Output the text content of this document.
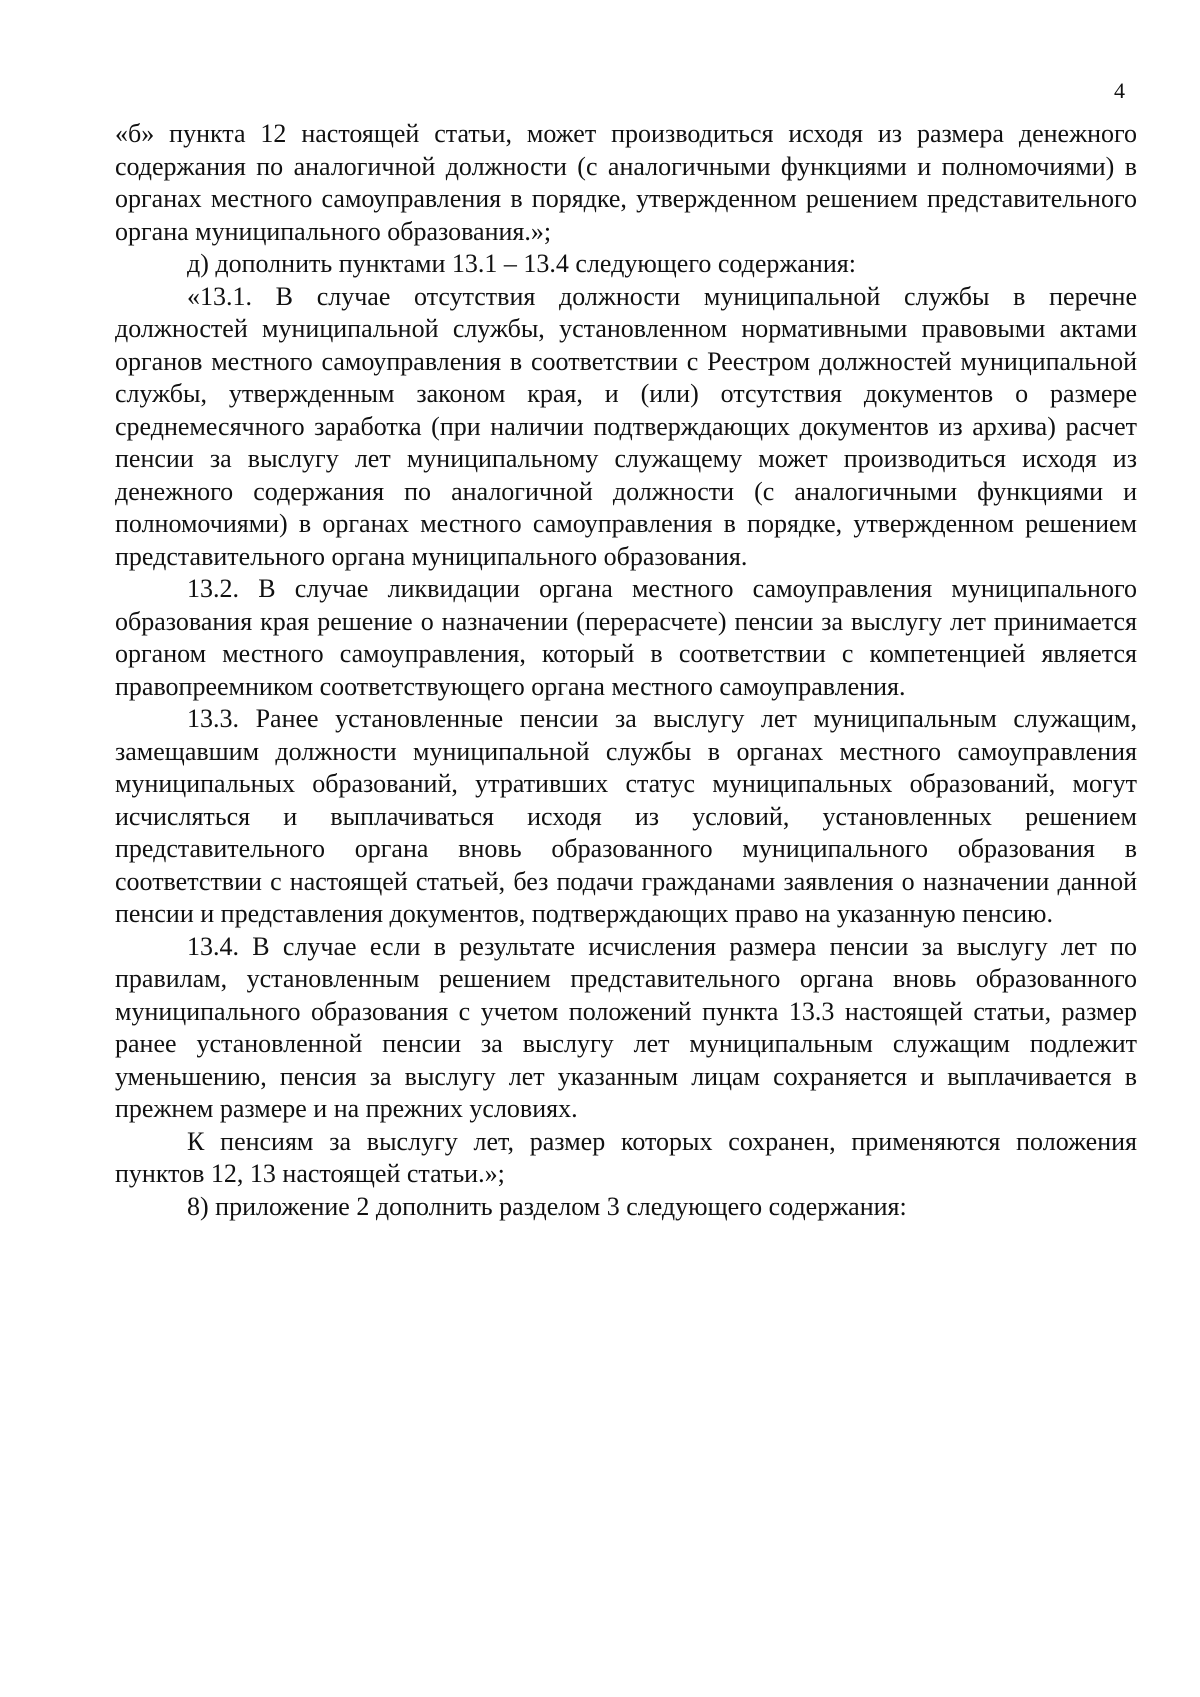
4

«б» пункта 12 настоящей статьи, может производиться исходя из размера денежного содержания по аналогичной должности (с аналогичными функциями и полномочиями) в органах местного самоуправления в порядке, утвержденном решением представительного органа муниципального образования.»;

д) дополнить пунктами 13.1 – 13.4 следующего содержания:

«13.1. В случае отсутствия должности муниципальной службы в перечне должностей муниципальной службы, установленном нормативными правовыми актами органов местного самоуправления в соответствии с Реестром должностей муниципальной службы, утвержденным законом края, и (или) отсутствия документов о размере среднемесячного заработка (при наличии подтверждающих документов из архива) расчет пенсии за выслугу лет муниципальному служащему может производиться исходя из денежного содержания по аналогичной должности (с аналогичными функциями и полномочиями) в органах местного самоуправления в порядке, утвержденном решением представительного органа муниципального образования.

13.2. В случае ликвидации органа местного самоуправления муниципального образования края решение о назначении (перерасчете) пенсии за выслугу лет принимается органом местного самоуправления, который в соответствии с компетенцией является правопреемником соответствующего органа местного самоуправления.

13.3. Ранее установленные пенсии за выслугу лет муниципальным служащим, замещавшим должности муниципальной службы в органах местного самоуправления муниципальных образований, утративших статус муниципальных образований, могут исчисляться и выплачиваться исходя из условий, установленных решением представительного органа вновь образованного муниципального образования в соответствии с настоящей статьей, без подачи гражданами заявления о назначении данной пенсии и представления документов, подтверждающих право на указанную пенсию.

13.4. В случае если в результате исчисления размера пенсии за выслугу лет по правилам, установленным решением представительного органа вновь образованного муниципального образования с учетом положений пункта 13.3 настоящей статьи, размер ранее установленной пенсии за выслугу лет муниципальным служащим подлежит уменьшению, пенсия за выслугу лет указанным лицам сохраняется и выплачивается в прежнем размере и на прежних условиях.

К пенсиям за выслугу лет, размер которых сохранен, применяются положения пунктов 12, 13 настоящей статьи.»;

8) приложение 2 дополнить разделом 3 следующего содержания:
